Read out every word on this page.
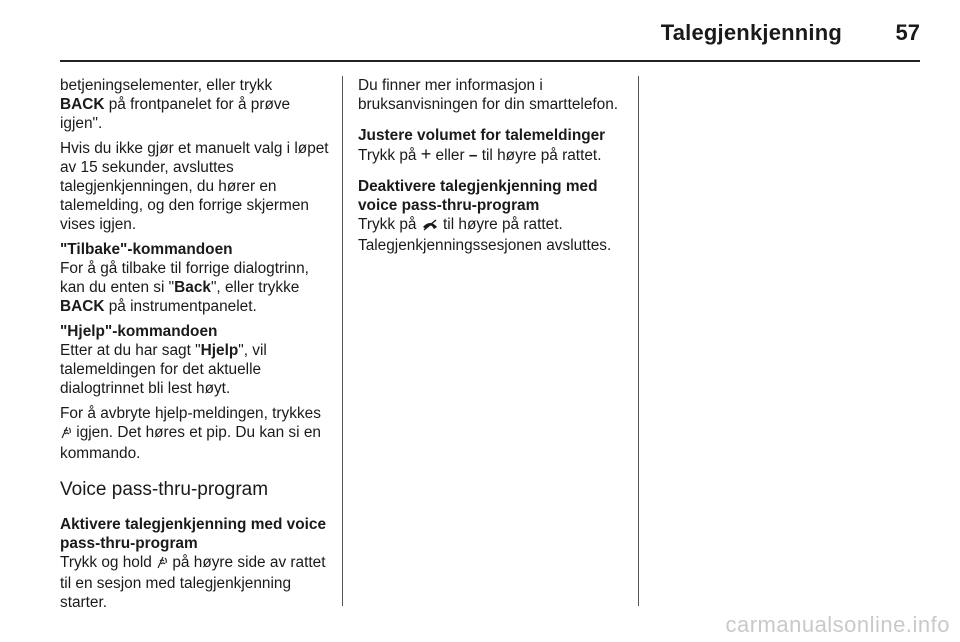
Talegjenkjenning 57

betjeningselementer, eller trykk
BACK på frontpanelet for å prøve igjen".

Hvis du ikke gjør et manuelt valg i løpet av 15 sekunder, avsluttes talegjenkjenningen, du hører en talemelding, og den forrige skjermen vises igjen.

"Tilbake"-kommandoen

For å gå tilbake til forrige dialogtrinn, kan du enten si "Back", eller trykke BACK på instrumentpanelet.

"Hjelp"-kommandoen

Etter at du har sagt "Hjelp", vil talemeldingen for det aktuelle dialogtrinnet bli lest høyt.

For å avbryte hjelp-meldingen, trykkes  igjen. Det høres et pip. Du kan si en kommando.

Voice pass-thru-program

Aktivere talegjenkjenning med voice pass-thru-program

Trykk og hold  på høyre side av rattet til en sesjon med talegjenkjenning starter.

Du finner mer informasjon i bruksanvisningen for din smarttelefon.

Justere volumet for talemeldinger

Trykk på + eller – til høyre på rattet.

Deaktivere talegjenkjenning med voice pass-thru-program

Trykk på  til høyre på rattet. Talegjenkjenningssesjonen avsluttes.

carmanualsonline.info
